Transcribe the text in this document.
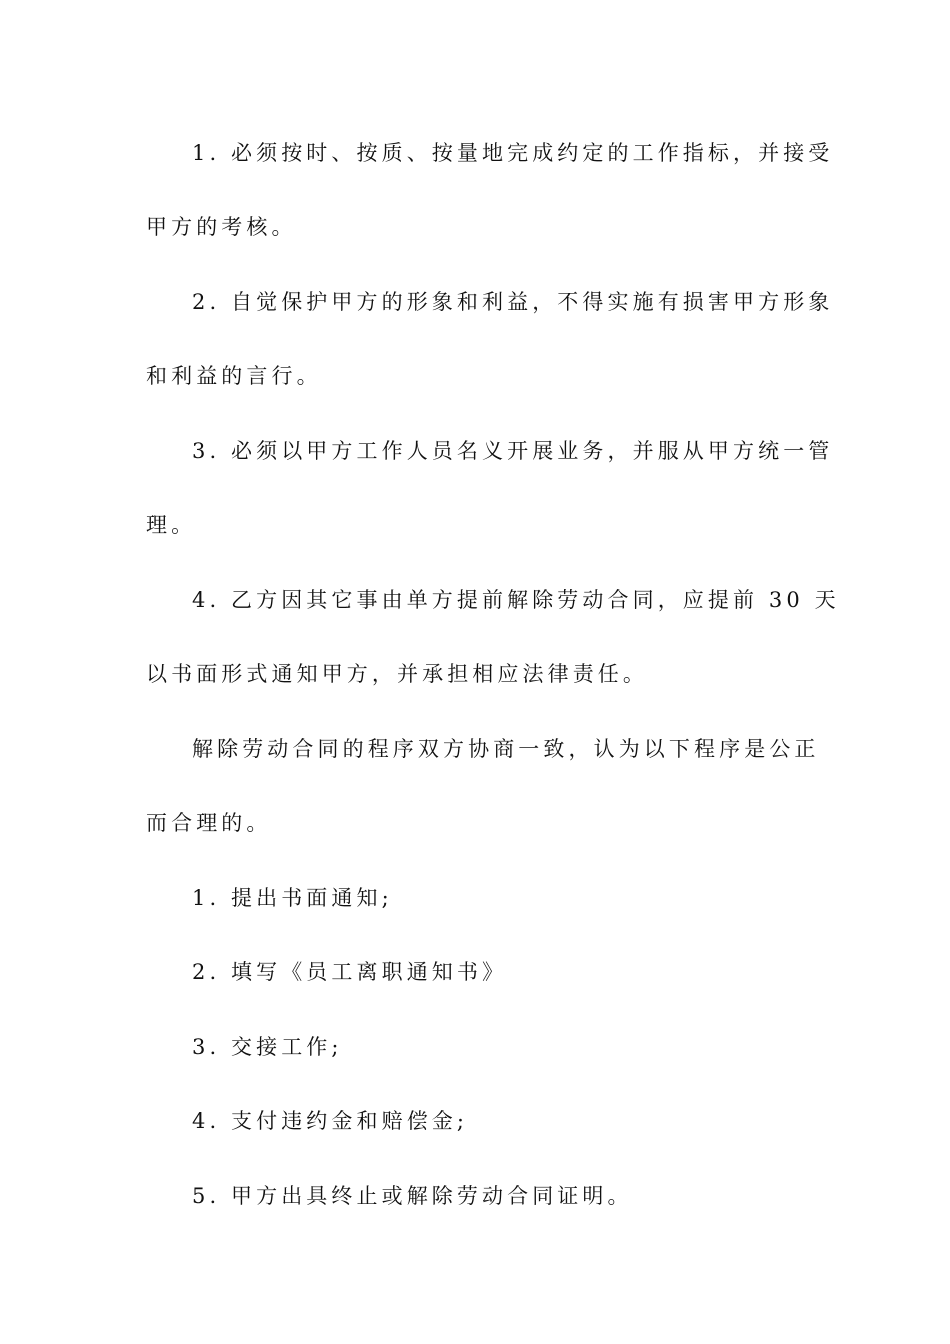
1. 必须按时、按质、按量地完成约定的工作指标，并接受

甲方的考核。

2. 自觉保护甲方的形象和利益，不得实施有损害甲方形象

和利益的言行。

3. 必须以甲方工作人员名义开展业务，并服从甲方统一管

理。

4. 乙方因其它事由单方提前解除劳动合同，应提前 30 天

以书面形式通知甲方，并承担相应法律责任。

解除劳动合同的程序双方协商一致，认为以下程序是公正

而合理的。

1. 提出书面通知;

2. 填写《员工离职通知书》

3. 交接工作;

4. 支付违约金和赔偿金;

5. 甲方出具终止或解除劳动合同证明。
